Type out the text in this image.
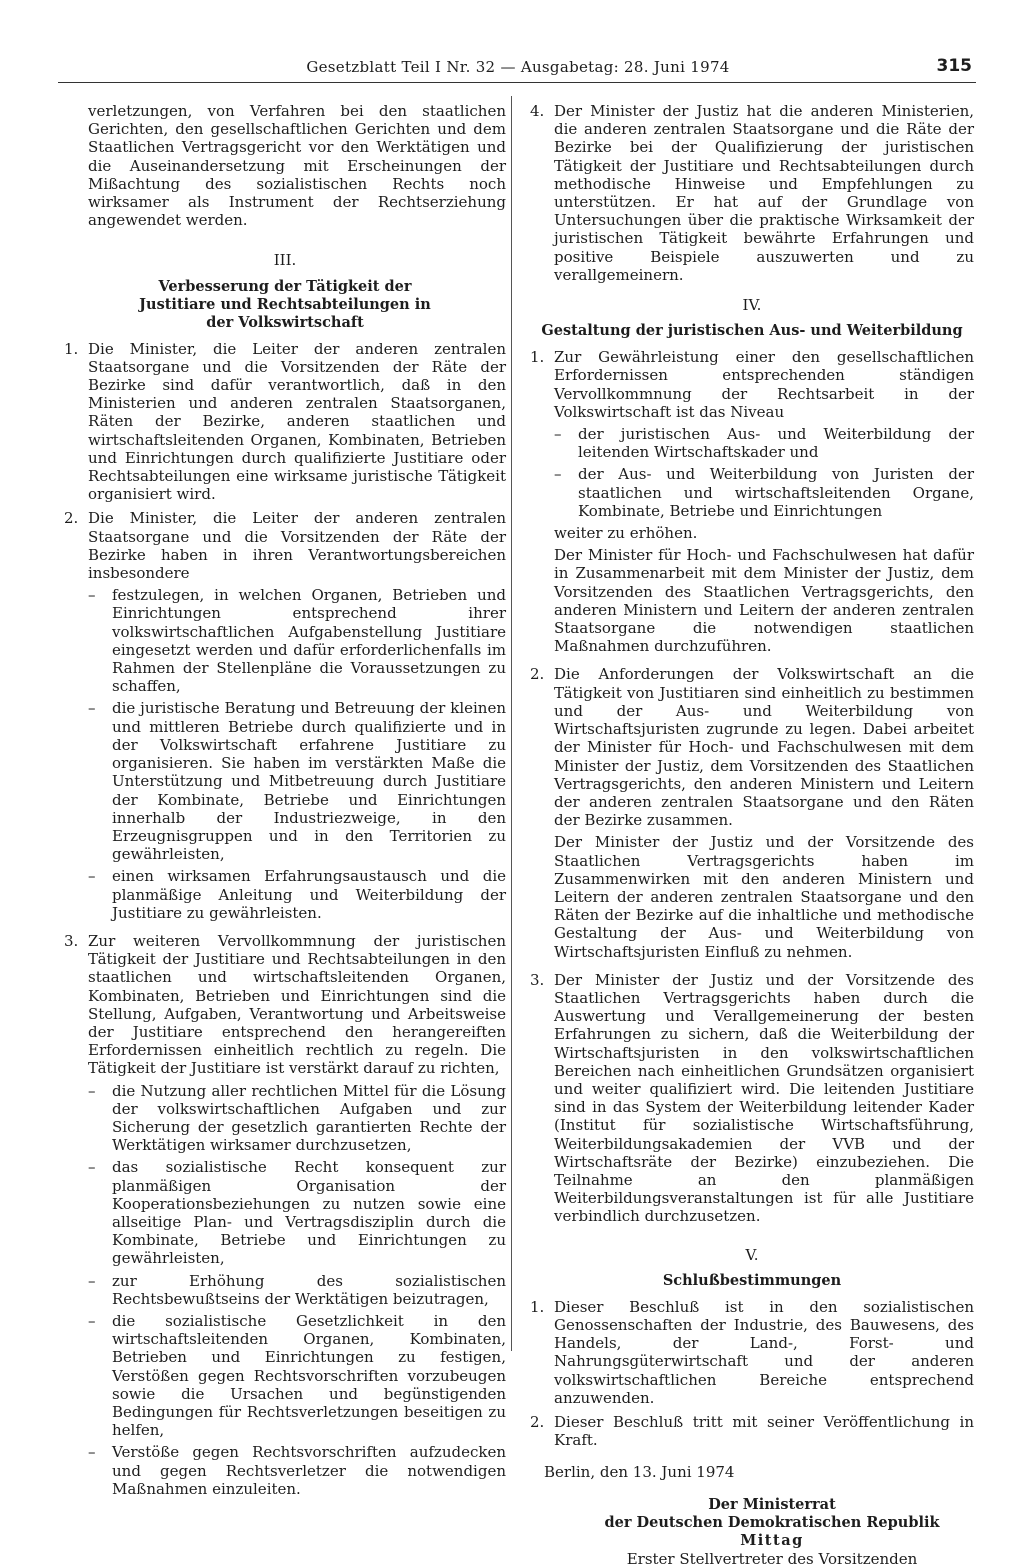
Gesetzblatt Teil I Nr. 32 — Ausgabetag: 28. Juni 1974	315
verletzungen, von Verfahren bei den staatlichen Gerichten, den gesellschaftlichen Gerichten und dem Staatlichen Vertragsgericht vor den Werktätigen und die Auseinandersetzung mit Erscheinungen der Mißachtung des sozialistischen Rechts noch wirksamer als Instrument der Rechtserziehung angewendet werden.
III.
Verbesserung der Tätigkeit der Justitiare und Rechtsabteilungen in der Volkswirtschaft
1. Die Minister, die Leiter der anderen zentralen Staatsorgane und die Vorsitzenden der Räte der Bezirke sind dafür verantwortlich, daß in den Ministerien und anderen zentralen Staatsorganen, Räten der Bezirke, anderen staatlichen und wirtschaftsleitenden Organen, Kombinaten, Betrieben und Einrichtungen durch qualifizierte Justitiare oder Rechtsabteilungen eine wirksame juristische Tätigkeit organisiert wird.
2. Die Minister, die Leiter der anderen zentralen Staatsorgane und die Vorsitzenden der Räte der Bezirke haben in ihren Verantwortungsbereichen insbesondere
– festzulegen, in welchen Organen, Betrieben und Einrichtungen entsprechend ihrer volkswirtschaftlichen Aufgabenstellung Justitiare eingesetzt werden und dafür erforderlichenfalls im Rahmen der Stellenpläne die Voraussetzungen zu schaffen,
– die juristische Beratung und Betreuung der kleinen und mittleren Betriebe durch qualifizierte und in der Volkswirtschaft erfahrene Justitiare zu organisieren. Sie haben im verstärkten Maße die Unterstützung und Mitbetreuung durch Justitiare der Kombinate, Betriebe und Einrichtungen innerhalb der Industriezweige, in den Erzeugnisgruppen und in den Territorien zu gewährleisten,
– einen wirksamen Erfahrungsaustausch und die planmäßige Anleitung und Weiterbildung der Justitiare zu gewährleisten.
3. Zur weiteren Vervollkommnung der juristischen Tätigkeit der Justitiare und Rechtsabteilungen in den staatlichen und wirtschaftsleitenden Organen, Kombinaten, Betrieben und Einrichtungen sind die Stellung, Aufgaben, Verantwortung und Arbeitsweise der Justitiare entsprechend den herangereiften Erfordernissen einheitlich rechtlich zu regeln. Die Tätigkeit der Justitiare ist verstärkt darauf zu richten,
– die Nutzung aller rechtlichen Mittel für die Lösung der volkswirtschaftlichen Aufgaben und zur Sicherung der gesetzlich garantierten Rechte der Werktätigen wirksamer durchzusetzen,
– das sozialistische Recht konsequent zur planmäßigen Organisation der Kooperationsbeziehungen zu nutzen sowie eine allseitige Plan- und Vertragsdisziplin durch die Kombinate, Betriebe und Einrichtungen zu gewährleisten,
– zur Erhöhung des sozialistischen Rechtsbewußtseins der Werktätigen beizutragen,
– die sozialistische Gesetzlichkeit in den wirtschaftsleitenden Organen, Kombinaten, Betrieben und Einrichtungen zu festigen, Verstößen gegen Rechtsvorschriften vorzubeugen sowie die Ursachen und begünstigenden Bedingungen für Rechtsverletzungen beseitigen zu helfen,
– Verstöße gegen Rechtsvorschriften aufzudecken und gegen Rechtsverletzer die notwendigen Maßnahmen einzuleiten.
4. Der Minister der Justiz hat die anderen Ministerien, die anderen zentralen Staatsorgane und die Räte der Bezirke bei der Qualifizierung der juristischen Tätigkeit der Justitiare und Rechtsabteilungen durch methodische Hinweise und Empfehlungen zu unterstützen. Er hat auf der Grundlage von Untersuchungen über die praktische Wirksamkeit der juristischen Tätigkeit bewährte Erfahrungen und positive Beispiele auszuwerten und zu verallgemeinern.
IV.
Gestaltung der juristischen Aus- und Weiterbildung
1. Zur Gewährleistung einer den gesellschaftlichen Erfordernissen entsprechenden ständigen Vervollkommnung der Rechtsarbeit in der Volkswirtschaft ist das Niveau
– der juristischen Aus- und Weiterbildung der leitenden Wirtschaftskader und
– der Aus- und Weiterbildung von Juristen der staatlichen und wirtschaftsleitenden Organe, Kombinate, Betriebe und Einrichtungen
weiter zu erhöhen.
Der Minister für Hoch- und Fachschulwesen hat dafür in Zusammenarbeit mit dem Minister der Justiz, dem Vorsitzenden des Staatlichen Vertragsgerichts, den anderen Ministern und Leitern der anderen zentralen Staatsorgane die notwendigen staatlichen Maßnahmen durchzuführen.
2. Die Anforderungen der Volkswirtschaft an die Tätigkeit von Justitiaren sind einheitlich zu bestimmen und der Aus- und Weiterbildung von Wirtschaftsjuristen zugrunde zu legen. Dabei arbeitet der Minister für Hoch- und Fachschulwesen mit dem Minister der Justiz, dem Vorsitzenden des Staatlichen Vertragsgerichts, den anderen Ministern und Leitern der anderen zentralen Staatsorgane und den Räten der Bezirke zusammen.
Der Minister der Justiz und der Vorsitzende des Staatlichen Vertragsgerichts haben im Zusammenwirken mit den anderen Ministern und Leitern der anderen zentralen Staatsorgane und den Räten der Bezirke auf die inhaltliche und methodische Gestaltung der Aus- und Weiterbildung von Wirtschaftsjuristen Einfluß zu nehmen.
3. Der Minister der Justiz und der Vorsitzende des Staatlichen Vertragsgerichts haben durch die Auswertung und Verallgemeinerung der besten Erfahrungen zu sichern, daß die Weiterbildung der Wirtschaftsjuristen in den volkswirtschaftlichen Bereichen nach einheitlichen Grundsätzen organisiert und weiter qualifiziert wird. Die leitenden Justitiare sind in das System der Weiterbildung leitender Kader (Institut für sozialistische Wirtschaftsführung, Weiterbildungsakademien der VVB und der Wirtschaftsräte der Bezirke) einzubeziehen. Die Teilnahme an den planmäßigen Weiterbildungsveranstaltungen ist für alle Justitiare verbindlich durchzusetzen.
V.
Schlußbestimmungen
1. Dieser Beschluß ist in den sozialistischen Genossenschaften der Industrie, des Bauwesens, des Handels, der Land-, Forst- und Nahrungsgüterwirtschaft und der anderen volkswirtschaftlichen Bereiche entsprechend anzuwenden.
2. Dieser Beschluß tritt mit seiner Veröffentlichung in Kraft.
Berlin, den 13. Juni 1974
Der Ministerrat
der Deutschen Demokratischen Republik
Mittag
Erster Stellvertreter des Vorsitzenden
